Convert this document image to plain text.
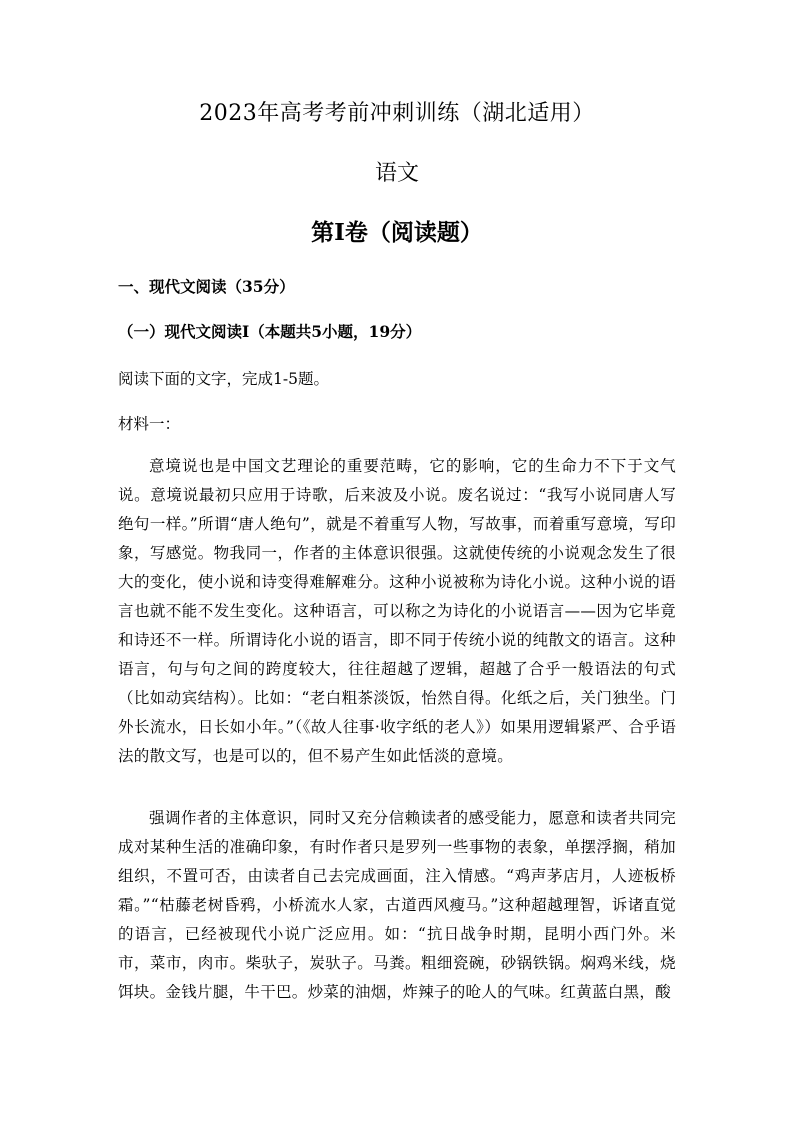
2023年高考考前冲刺训练（湖北适用）
语文
第Ⅰ卷（阅读题）
一、现代文阅读（35分）
（一）现代文阅读Ⅰ（本题共5小题，19分）
阅读下面的文字，完成1-5题。
材料一：
意境说也是中国文艺理论的重要范畴，它的影响，它的生命力不下于文气说。意境说最初只应用于诗歌，后来波及小说。废名说过：“我写小说同唐人写绝句一样。”所谓“唐人绝句”，就是不着重写人物，写故事，而着重写意境，写印象，写感觉。物我同一，作者的主体意识很强。这就使传统的小说观念发生了很大的变化，使小说和诗变得难解难分。这种小说被称为诗化小说。这种小说的语言也就不能不发生变化。这种语言，可以称之为诗化的小说语言——因为它毕竟和诗还不一样。所谓诗化小说的语言，即不同于传统小说的纯散文的语言。这种语言，句与句之间的跨度较大，往往超越了逻辑，超越了合乎一般语法的句式（比如动宾结构）。比如：“老白粗茶淡饭，怡然自得。化纸之后，关门独坐。门外长流水，日长如小年。”（《故人往事·收字纸的老人》）如果用逻辑紧严、合乎语法的散文写，也是可以的，但不易产生如此恬淡的意境。
强调作者的主体意识，同时又充分信赖读者的感受能力，愿意和读者共同完成对某种生活的准确印象，有时作者只是罗列一些事物的表象，单摆浮搁，稍加组织，不置可否，由读者自己去完成画面，注入情感。“鸡声茅店月，人迹板桥霜。”“枯藤老树昏鸦，小桥流水人家，古道西风瘦马。”这种超越理智，诉诸直觉的语言，已经被现代小说广泛应用。如：“抗日战争时期，昆明小西门外。米市，菜市，肉市。柴驮子，炭驮子。马粪。粗细瓷碗，砂锅铁锅。焖鸡米线，烧饵块。金钱片腿，牛干巴。炒菜的油烟，炸辣子的呛人的气味。红黄蓝白黑，酸
